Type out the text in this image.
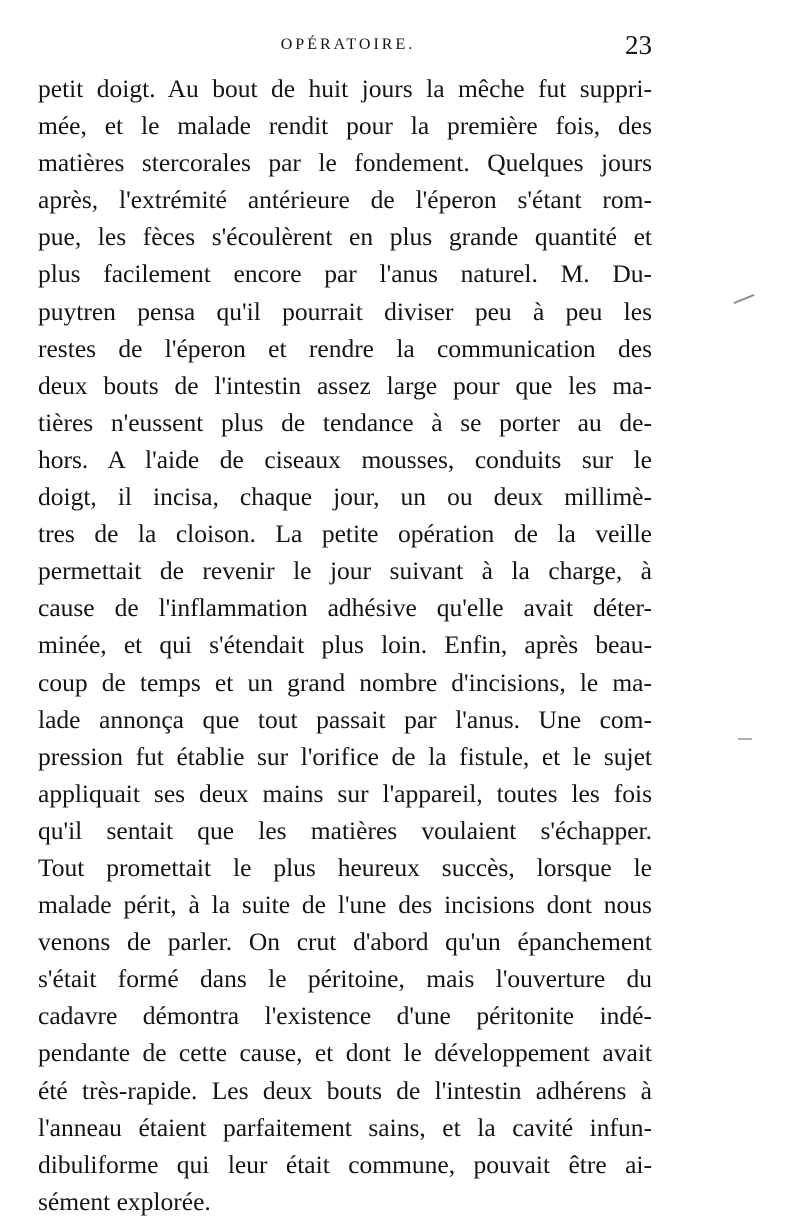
OPÉRATOIRE.	23
petit doigt. Au bout de huit jours la mêche fut suppri-
mée, et le malade rendit pour la première fois, des
matières stercorales par le fondement. Quelques jours
après, l'extrémité antérieure de l'éperon s'étant rom-
pue, les fèces s'écoulèrent en plus grande quantité et
plus facilement encore par l'anus naturel. M. Du-
puytren pensa qu'il pourrait diviser peu à peu les
restes de l'éperon et rendre la communication des
deux bouts de l'intestin assez large pour que les ma-
tières n'eussent plus de tendance à se porter au de-
hors. A l'aide de ciseaux mousses, conduits sur le
doigt, il incisa, chaque jour, un ou deux millimè-
tres de la cloison. La petite opération de la veille
permettait de revenir le jour suivant à la charge, à
cause de l'inflammation adhésive qu'elle avait déter-
minée, et qui s'étendait plus loin. Enfin, après beau-
coup de temps et un grand nombre d'incisions, le ma-
lade annonça que tout passait par l'anus. Une com-
pression fut établie sur l'orifice de la fistule, et le sujet
appliquait ses deux mains sur l'appareil, toutes les fois
qu'il sentait que les matières voulaient s'échapper.
Tout promettait le plus heureux succès, lorsque le
malade périt, à la suite de l'une des incisions dont nous
venons de parler. On crut d'abord qu'un épanchement
s'était formé dans le péritoine, mais l'ouverture du
cadavre démontra l'existence d'une péritonite indé-
pendante de cette cause, et dont le développement avait
été très-rapide. Les deux bouts de l'intestin adhérens à
l'anneau étaient parfaitement sains, et la cavité infun-
dibuliforme qui leur était commune, pouvait être ai-
sément explorée.
